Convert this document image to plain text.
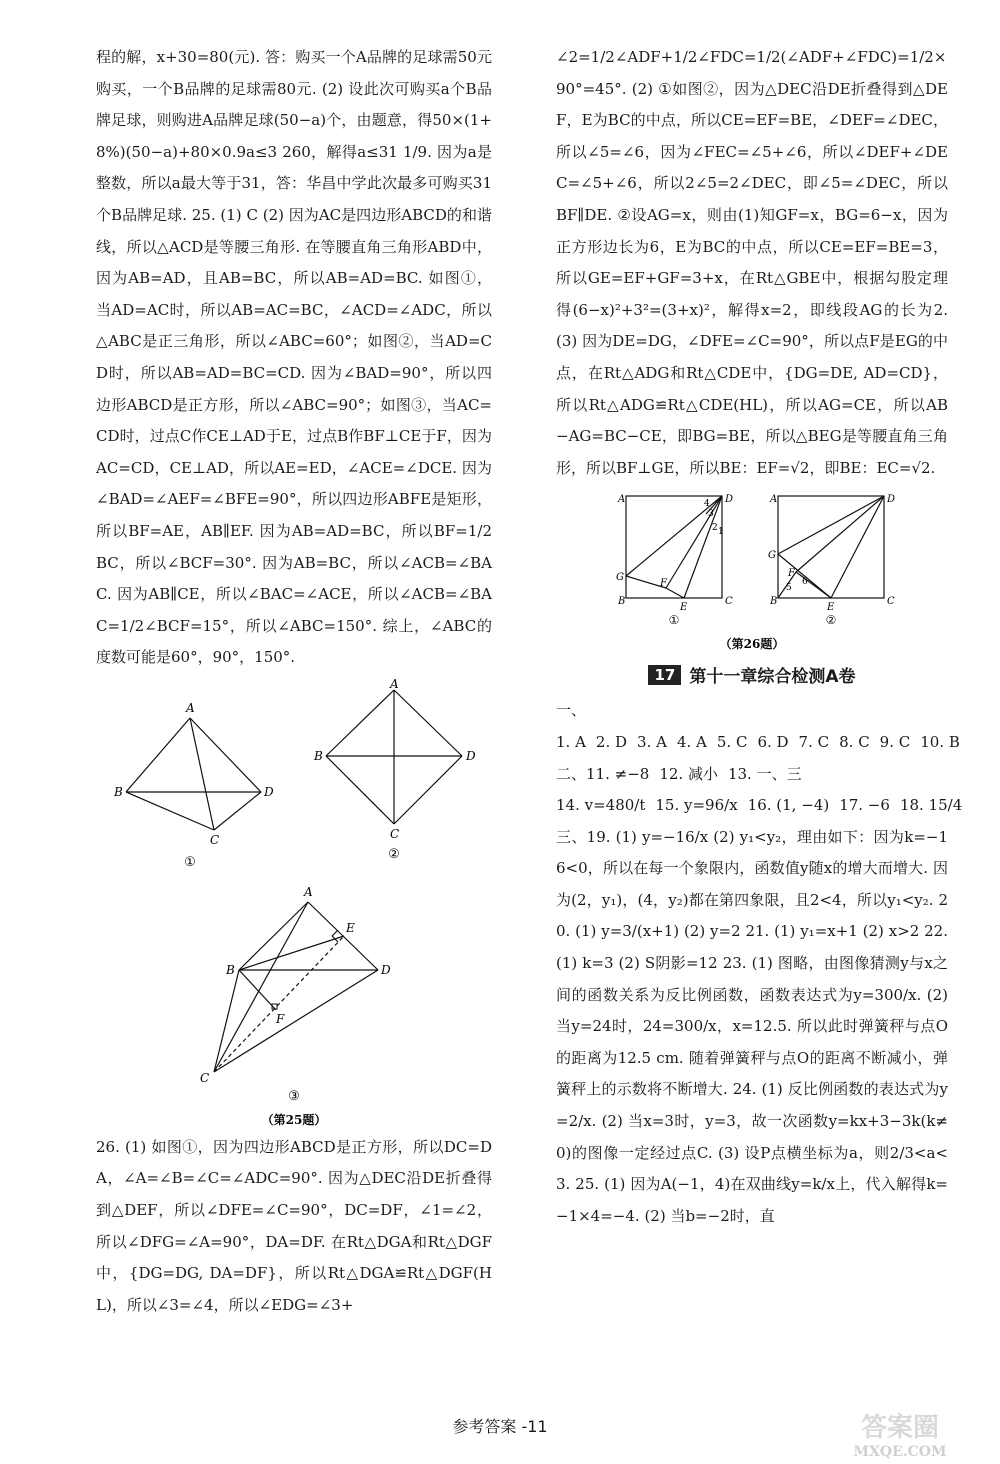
程的解，x+30=80(元). 答：购买一个A品牌的足球需50元购买，一个B品牌的足球需80元. (2) 设此次可购买a个B品牌足球，则购进A品牌足球(50−a)个，由题意，得50×(1+8%)(50−a)+80×0.9a≤3 260，解得a≤31 1/9. 因为a是整数，所以a最大等于31，答：华昌中学此次最多可购买31个B品牌足球. 25. (1) C (2) 因为AC是四边形ABCD的和谐线，所以△ACD是等腰三角形. 在等腰直角三角形ABD中，因为AB=AD，且AB=BC，所以AB=AD=BC. 如图①，当AD=AC时，所以AB=AC=BC，∠ACD=∠ADC，所以△ABC是正三角形，所以∠ABC=60°；如图②，当AD=CD时，所以AB=AD=BC=CD. 因为∠BAD=90°，所以四边形ABCD是正方形，所以∠ABC=90°；如图③，当AC=CD时，过点C作CE⊥AD于E，过点B作BF⊥CE于F，因为AC=CD，CE⊥AD，所以AE=ED，∠ACE=∠DCE. 因为∠BAD=∠AEF=∠BFE=90°，所以四边形ABFE是矩形，所以BF=AE，AB∥EF. 因为AB=AD=BC，所以BF=1/2 BC，所以∠BCF=30°. 因为AB=BC，所以∠ACB=∠BAC. 因为AB∥CE，所以∠BAC=∠ACE，所以∠ACB=∠BAC=1/2∠BCF=15°，所以∠ABC=150°. 综上，∠ABC的度数可能是60°，90°，150°.

A
B	D
C
①
A
B	D
C
②
A
E
B	D
F
C
③
（第25题）

26. (1) 如图①，因为四边形ABCD是正方形，所以DC=DA，∠A=∠B=∠C=∠ADC=90°. 因为△DEC沿DE折叠得到△DEF，所以∠DFE=∠C=90°，DC=DF，∠1=∠2，所以∠DFG=∠A=90°，DA=DF. 在Rt△DGA和Rt△DGF中，{DG=DG, DA=DF}，所以Rt△DGA≌Rt△DGF(HL)，所以∠3=∠4，所以∠EDG=∠3+

∠2=1/2∠ADF+1/2∠FDC=1/2(∠ADF+∠FDC)=1/2×90°=45°. (2) ①如图②，因为△DEC沿DE折叠得到△DEF，E为BC的中点，所以CE=EF=BE，∠DEF=∠DEC，所以∠5=∠6，因为∠FEC=∠5+∠6，所以∠DEF+∠DEC=∠5+∠6，所以2∠5=2∠DEC，即∠5=∠DEC，所以BF∥DE. ②设AG=x，则由(1)知GF=x，BG=6−x，因为正方形边长为6，E为BC的中点，所以CE=EF=BE=3，所以GE=EF+GF=3+x，在Rt△GBE中，根据勾股定理得(6−x)²+3²=(3+x)²，解得x=2，即线段AG的长为2. (3) 因为DE=DG，∠DFE=∠C=90°，所以点F是EG的中点，在Rt△ADG和Rt△CDE中，{DG=DE, AD=CD}，所以Rt△ADG≌Rt△CDE(HL)，所以AG=CE，所以AB−AG=BC−CE，即BG=BE，所以△BEG是等腰直角三角形，所以BF⊥GE，所以BE：EF=√2，即BE：EC=√2.

A	D
G
F
B
E
C
4
3
2 1
①
A	D
G
F
6
5
B
E
C
②
（第26题）
17 第十一章综合检测A卷

一、1. A 2. D 3. A 4. A 5. C 6. D 7. C 8. C 9. C 10. B

二、11. ≠−8 12. 减小 13. 一、三14. v=480/t 15. y=96/x 16. (1, −4) 17. −6 18. 15/4

三、19. (1) y=−16/x (2) y₁<y₂，理由如下：因为k=−16<0，所以在每一个象限内，函数值y随x的增大而增大. 因为(2，y₁)，(4，y₂)都在第四象限，且2<4，所以y₁<y₂. 20. (1) y=3/(x+1) (2) y=2 21. (1) y₁=x+1 (2) x>2 22. (1) k=3 (2) S阴影=12 23. (1) 图略，由图像猜测y与x之间的函数关系为反比例函数，函数表达式为y=300/x. (2) 当y=24时，24=300/x，x=12.5. 所以此时弹簧秤与点O的距离为12.5 cm. 随着弹簧秤与点O的距离不断减小，弹簧秤上的示数将不断增大. 24. (1) 反比例函数的表达式为y=2/x. (2) 当x=3时，y=3，故一次函数y=kx+3−3k(k≠0)的图像一定经过点C. (3) 设P点横坐标为a，则2/3<a<3. 25. (1) 因为A(−1，4)在双曲线y=k/x上，代入解得k=−1×4=−4. (2) 当b=−2时，直

参考答案 -11	答案圈
MXQE.COM
